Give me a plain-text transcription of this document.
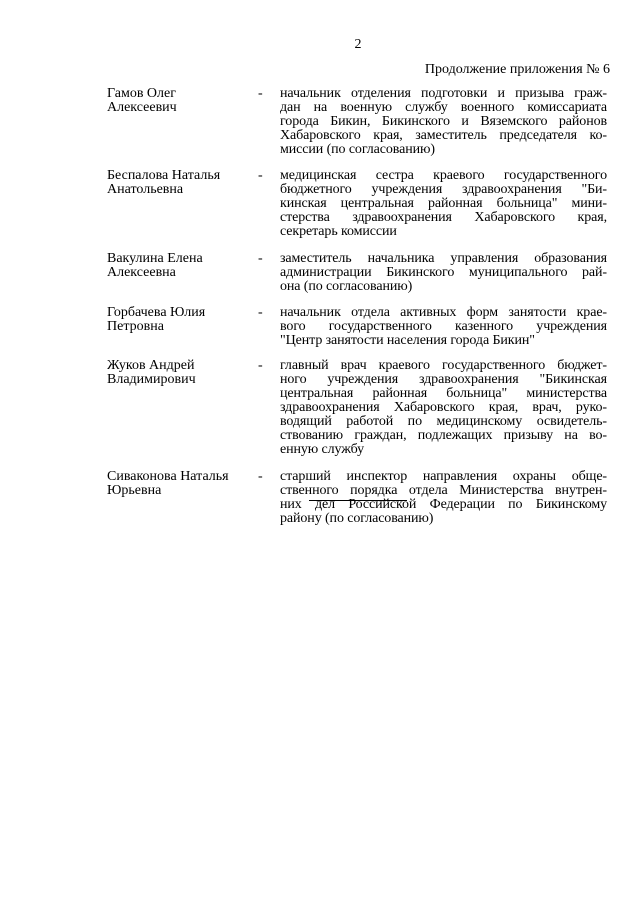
2
Продолжение приложения № 6
Гамов Олег
Алексеевич
-	начальник отделения подготовки и призыва граж-
дан на военную службу военного комиссариата
города Бикин, Бикинского и Вяземского районов
Хабаровского края, заместитель председателя ко-
миссии (по согласованию)
Беспалова Наталья
Анатольевна
-	медицинская сестра краевого государственного
бюджетного учреждения здравоохранения "Би-
кинская центральная районная больница" мини-
стерства здравоохранения Хабаровского края,
секретарь комиссии
Вакулина Елена
Алексеевна
-	заместитель начальника управления образования
администрации Бикинского муниципального рай-
она (по согласованию)
Горбачева Юлия
Петровна
-	начальник отдела активных форм занятости крае-
вого государственного казенного учреждения
"Центр занятости населения города Бикин"
Жуков Андрей
Владимирович
-	главный врач краевого государственного бюджет-
ного учреждения здравоохранения "Бикинская
центральная районная больница" министерства
здравоохранения Хабаровского края, врач, руко-
водящий работой по медицинскому освидетель-
ствованию граждан, подлежащих призыву на во-
енную службу
Сиваконова Наталья
Юрьевна
-	старший инспектор направления охраны обще-
ственного порядка отдела Министерства внутрен-
них дел Российской Федерации по Бикинскому
району (по согласованию)
